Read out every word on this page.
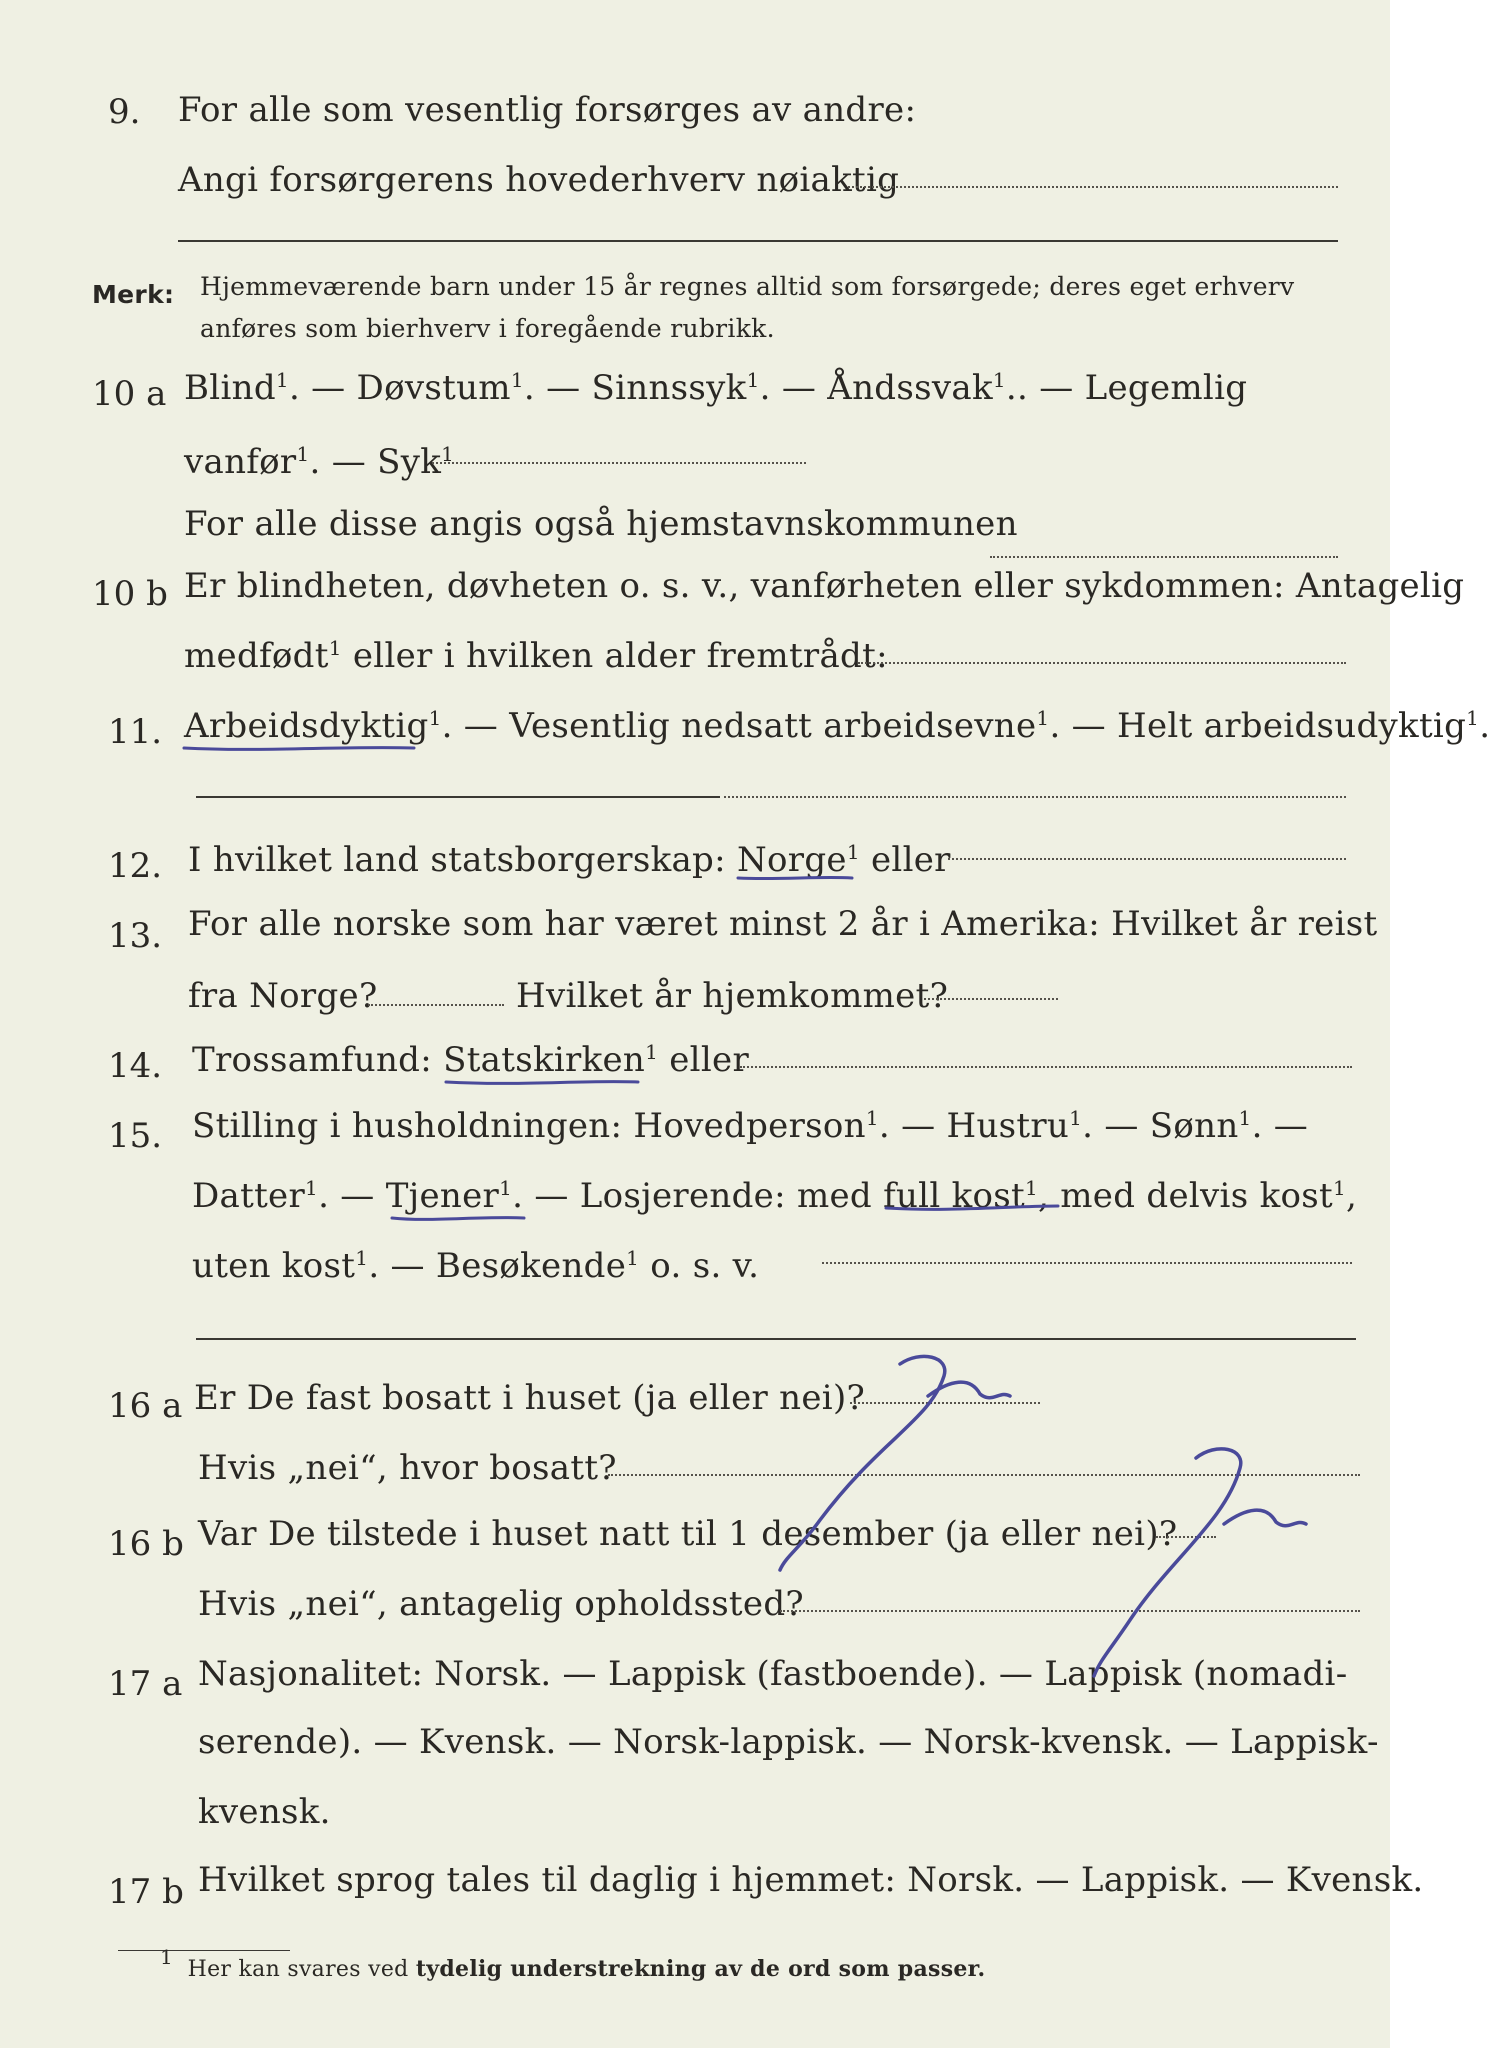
9. For alle som vesentlig forsørges av andre:
Angi forsørgerens hovederhverv nøiaktig
Merk: Hjemmeværende barn under 15 år regnes alltid som forsørgede; deres eget erhverv
anføres som bierhverv i foregående rubrikk.
10 a Blind$^1$. — Døvstum$^1$. — Sinnssyk$^1$. — Åndssvak$^1$.. — Legemlig
vanfør$^1$. — Syk$^1$
For alle disse angis også hjemstavnskommunen
10 b Er blindheten, døvheten o. s. v., vanførheten eller sykdommen: Antagelig
medfødt$^1$ eller i hvilken alder fremtrådt:
11. Arbeidsdyktig$^1$. — Vesentlig nedsatt arbeidsevne$^1$. — Helt arbeidsudyktig$^1$.
12. I hvilket land statsborgerskap: Norge$^1$ eller
13. For alle norske som har været minst 2 år i Amerika: Hvilket år reist
fra Norge?	Hvilket år hjemkommet?
14. Trossamfund: Statskirken$^1$ eller
15. Stilling i husholdningen: Hovedperson$^1$. — Hustru$^1$. — Sønn$^1$. —
Datter$^1$. — Tjener$^1$. — Losjerende: med full kost$^1$, med delvis kost$^1$,
uten kost$^1$. — Besøkende$^1$ o. s. v.
16 a Er De fast bosatt i huset (ja eller nei)?
Hvis „nei“, hvor bosatt?
16 b Var De tilstede i huset natt til 1 desember (ja eller nei)?
Hvis „nei“, antagelig opholdssted?
17 a Nasjonalitet: Norsk. — Lappisk (fastboende). — Lappisk (nomadi-
serende). — Kvensk. — Norsk-lappisk. — Norsk-kvensk. — Lappisk-
kvensk.
17 b Hvilket sprog tales til daglig i hjemmet: Norsk. — Lappisk. — Kvensk.
$^1$ Her kan svares ved tydelig understrekning av de ord som passer.
